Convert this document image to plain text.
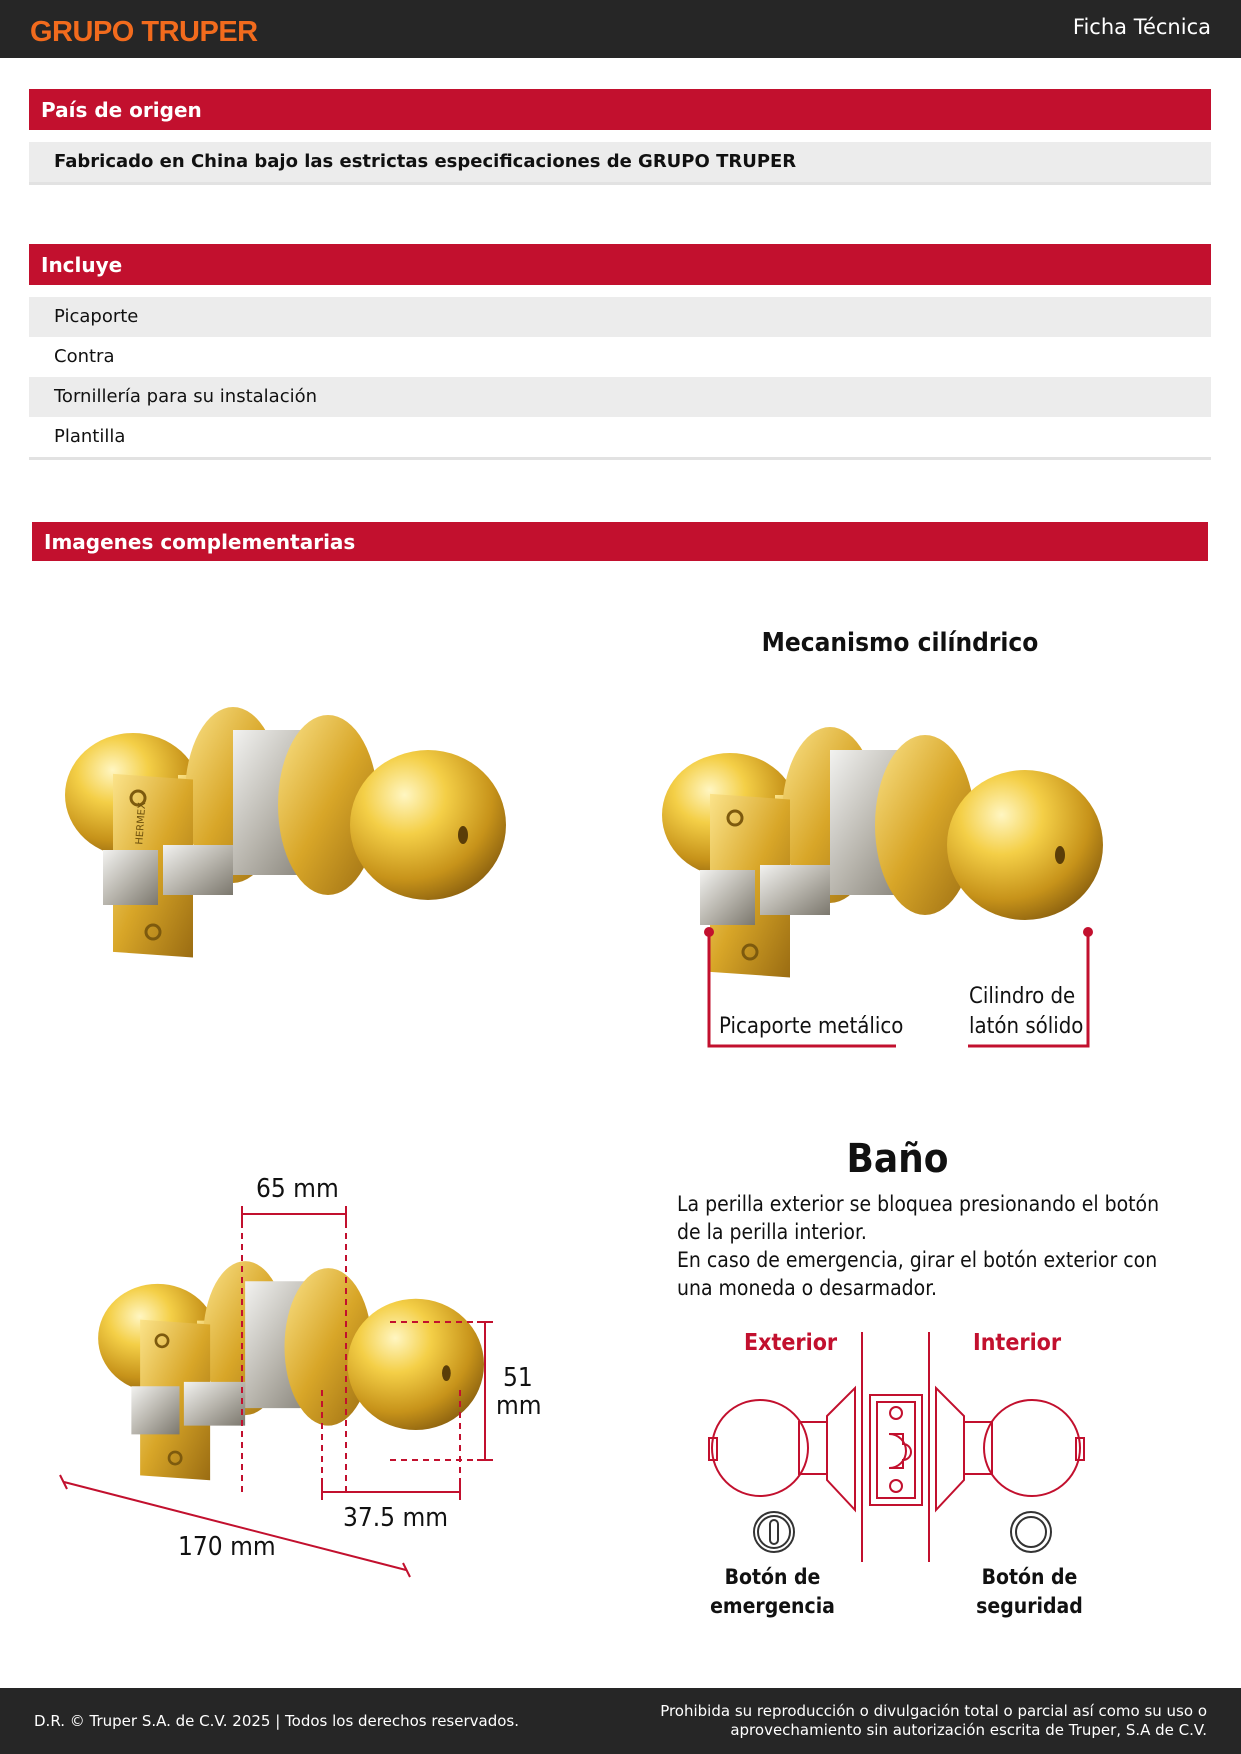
GRUPO TRUPER	Ficha Técnica
País de origen
Fabricado en China bajo las estrictas especificaciones de GRUPO TRUPER
Incluye
Picaporte
Contra
Tornillería para su instalación
Plantilla
Imagenes complementarias
HERMEX
Mecanismo cilíndrico
Picaporte metálico
Cilindro de
latón sólido
65 mm
51
mm
37.5 mm
170 mm
Baño
La perilla exterior se bloquea presionando el botón
de la perilla interior.
En caso de emergencia, girar el botón exterior con
una moneda o desarmador.
Exterior	Interior
Botón de
emergencia
Botón de
seguridad
D.R. © Truper S.A. de C.V. 2025 | Todos los derechos reservados.
Prohibida su reproducción o divulgación total o parcial así como su uso o
aprovechamiento sin autorización escrita de Truper, S.A de C.V.
